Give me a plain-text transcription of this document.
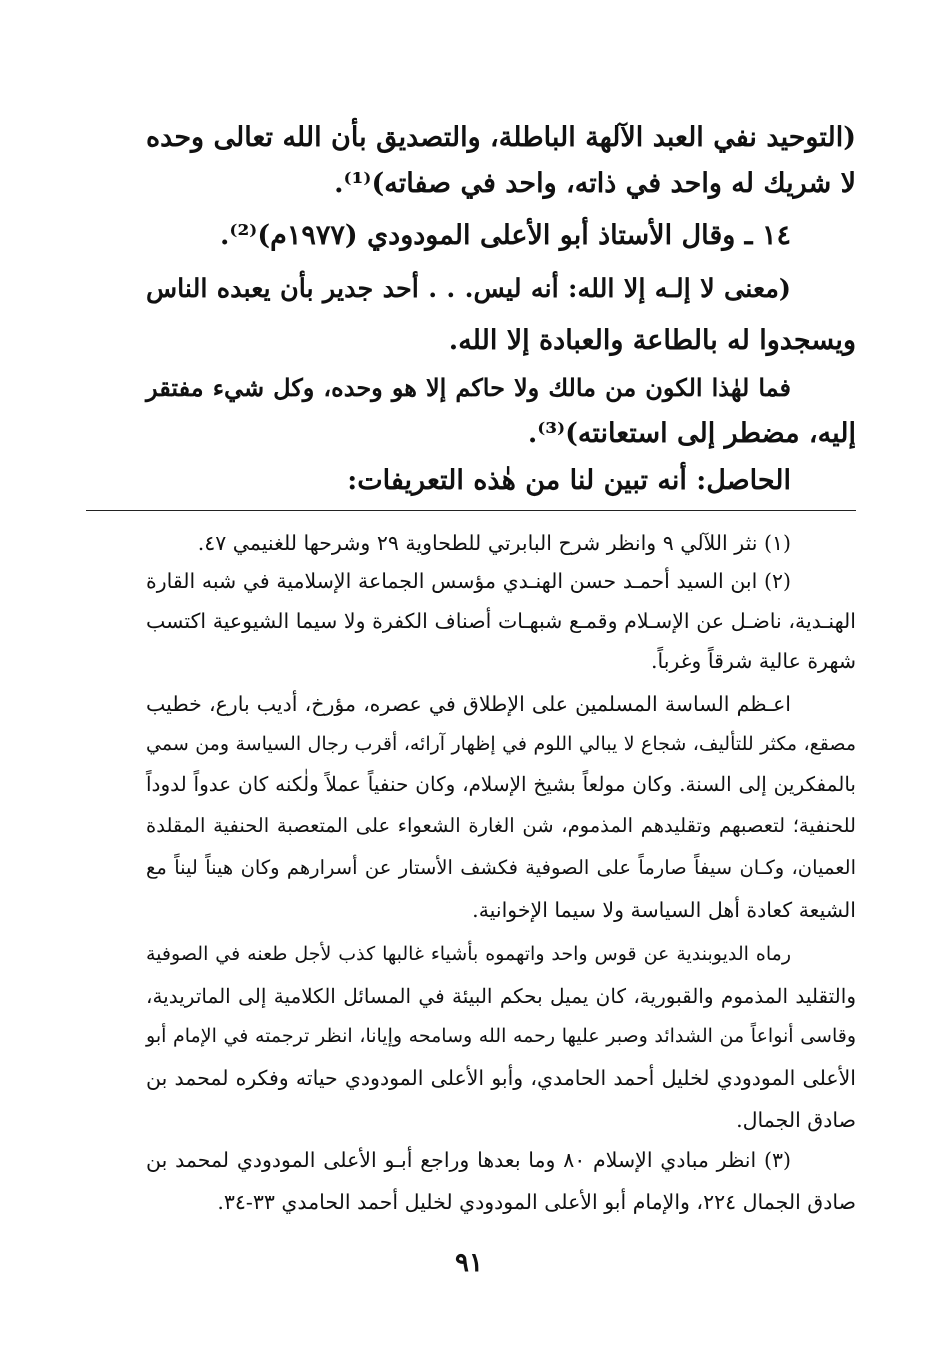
(التوحيد نفي العبد الآلهة الباطلة، والتصديق بأن الله تعالى وحده
لا شريك له واحد في ذاته، واحد في صفاته)⁽¹⁾.
١٤ ـ وقال الأستاذ أبو الأعلى المودودي (١٩٧٧م)⁽²⁾.
(معنى لا إلـه إلا الله: أنه ليس. . . أحد جدير بأن يعبده الناس
ويسجدوا له بالطاعة والعبادة إلا الله.
فما لهٰذا الكون من مالك ولا حاكم إلا هو وحده، وكل شيء مفتقر
إليه، مضطر إلى استعانته)⁽³⁾.
الحاصل: أنه تبين لنا من هٰذه التعريفات:
(١) نثر اللآلي ٩ وانظر شرح البابرتي للطحاوية ٢٩ وشرحها للغنيمي ٤٧.
(٢) ابن السيد أحمـد حسن الهنـدي مؤسس الجماعة الإسلامية في شبه القارة
الهنـدية، ناضـل عن الإسـلام وقمـع شبهـات أصناف الكفرة ولا سيما الشيوعية اكتسب
شهرة عالية شرقاً وغرباً.
اعـظم الساسة المسلمين على الإطلاق في عصره، مؤرخ، أديب بارع، خطيب
مصقع، مكثر للتأليف، شجاع لا يبالي اللوم في إظهار آرائه، أقرب رجال السياسة ومن سمي
بالمفكرين إلى السنة. وكان مولعاً بشيخ الإسلام، وكان حنفياً عملاً ولٰكنه كان عدواً لدوداً
للحنفية؛ لتعصبهم وتقليدهم المذموم، شن الغارة الشعواء على المتعصبة الحنفية المقلدة
العميان، وكـان سيفاً صارماً على الصوفية فكشف الأستار عن أسرارهم وكان هيناً ليناً مع
الشيعة كعادة أهل السياسة ولا سيما الإخوانية.
رماه الديوبندية عن قوس واحد واتهموه بأشياء غالبها كذب لأجل طعنه في الصوفية
والتقليد المذموم والقبورية، كان يميل بحكم البيئة في المسائل الكلامية إلى الماتريدية،
وقاسى أنواعاً من الشدائد وصبر عليها رحمه الله وسامحه وإيانا، انظر ترجمته في الإمام أبو
الأعلى المودودي لخليل أحمد الحامدي، وأبو الأعلى المودودي حياته وفكره لمحمد بن
صادق الجمال.
(٣) انظر مبادي الإسلام ٨٠ وما بعدها وراجع أبـو الأعلى المودودي لمحمد بن
صادق الجمال ٢٢٤، والإمام أبو الأعلى المودودي لخليل أحمد الحامدي ٣٣-٣٤.
٩١
